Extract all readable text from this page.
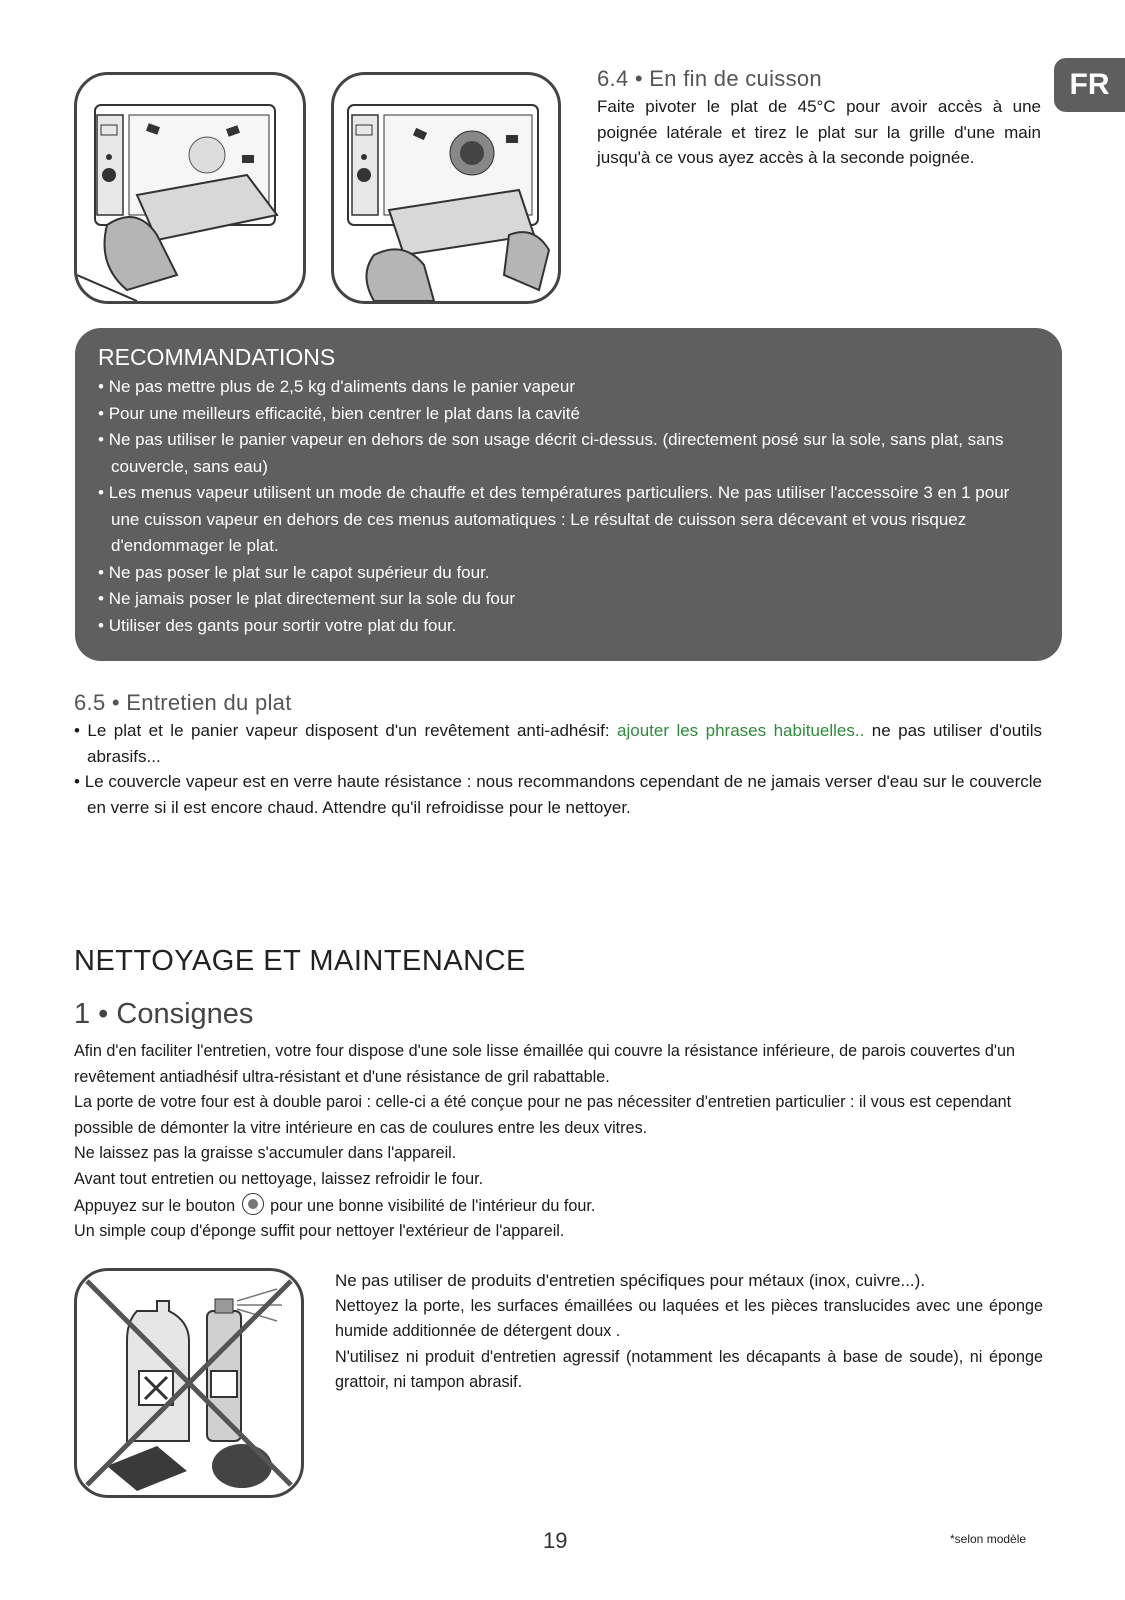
FR
6.4 • En fin de cuisson
Faite pivoter le plat de 45°C pour avoir accès à une poignée latérale et tirez le plat sur la grille d'une main jusqu'à ce vous ayez accès à la seconde poignée.
RECOMMANDATIONS
• Ne pas mettre plus de 2,5 kg d'aliments dans le panier vapeur
• Pour une meilleurs efficacité, bien centrer le plat dans la cavité
• Ne pas utiliser le panier vapeur en dehors de son usage décrit ci-dessus. (directement posé sur la sole, sans plat, sans couvercle, sans eau)
• Les menus vapeur utilisent un mode de chauffe et des températures particuliers. Ne pas utiliser l'accessoire 3 en 1 pour une cuisson vapeur en dehors de ces menus automatiques : Le résultat de cuisson sera décevant et vous risquez d'endommager le plat.
• Ne pas poser le plat sur le capot supérieur du four.
• Ne jamais poser le plat directement sur la sole du four
• Utiliser des gants pour sortir votre plat du four.
6.5 • Entretien du plat
• Le plat et le panier vapeur disposent d'un revêtement anti-adhésif: ajouter les phrases habituelles.. ne pas utiliser d'outils abrasifs...
• Le couvercle vapeur est en verre haute résistance : nous recommandons cependant de ne jamais verser d'eau sur le couvercle en verre si il est encore chaud. Attendre qu'il refroidisse pour le nettoyer.
NETTOYAGE ET MAINTENANCE
1 • Consignes

Afin d'en faciliter l'entretien, votre four dispose d'une sole lisse émaillée qui couvre la résistance inférieure, de parois couvertes d'un revêtement antiadhésif ultra-résistant et d'une résistance de gril rabattable.

La porte de votre four est à double paroi : celle-ci a été conçue pour ne pas nécessiter d'entretien particulier : il vous est cependant possible de démonter la vitre intérieure en cas de coulures entre les deux vitres.

Ne laissez pas la graisse s'accumuler dans l'appareil.

Avant tout entretien ou nettoyage, laissez refroidir le four.

Appuyez sur le bouton pour une bonne visibilité de l'intérieur du four.

Un simple coup d'éponge suffit pour nettoyer l'extérieur de l'appareil.

Ne pas utiliser de produits d'entretien spécifiques pour métaux (inox, cuivre...).
Nettoyez la porte, les surfaces émaillées ou laquées et les pièces translucides avec une éponge humide additionnée de détergent doux .
N'utilisez ni produit d'entretien agressif (notamment les décapants à base de soude), ni éponge grattoir, ni tampon abrasif.
19	*selon modèle
